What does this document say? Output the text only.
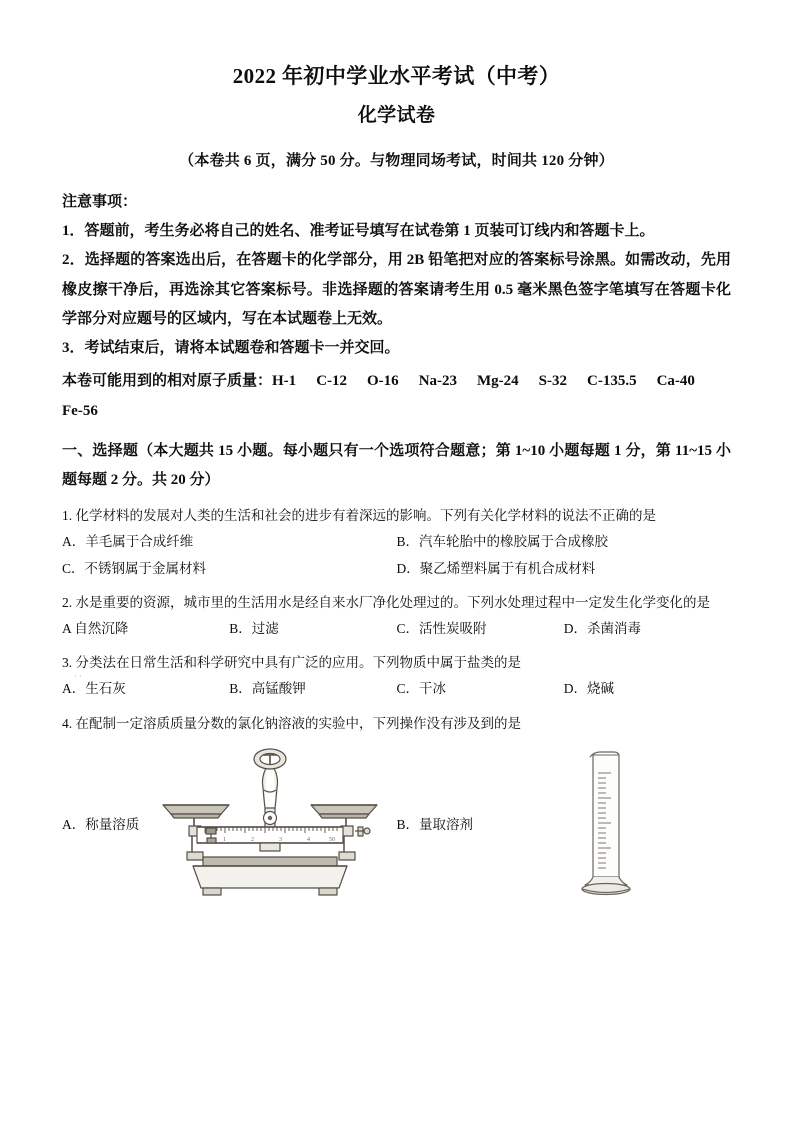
2022 年初中学业水平考试（中考）
化学试卷
（本卷共 6 页，满分 50 分。与物理同场考试，时间共 120 分钟）
注意事项：
1．答题前，考生务必将自己的姓名、准考证号填写在试卷第 1 页装可订线内和答题卡上。
2．选择题的答案选出后，在答题卡的化学部分，用 2B 铅笔把对应的答案标号涂黑。如需改动，先用橡皮擦干净后，再选涂其它答案标号。非选择题的答案请考生用 0.5 毫米黑色签字笔填写在答题卡化学部分对应题号的区域内，写在本试题卷上无效。
3．考试结束后，请将本试题卷和答题卡一并交回。
本卷可能用到的相对原子质量：H-1 C-12 O-16 Na-23 Mg-24 S-32 C-135.5 Ca-40
Fe-56
一、选择题（本大题共 15 小题。每小题只有一个选项符合题意；第 1~10 小题每题 1 分，第 11~15 小题每题 2 分。共 20 分）
1. 化学材料的发展对人类的生活和社会的进步有着深远的影响。下列有关化学材料的说法不正确的是
A．羊毛属于合成纤维	B．汽车轮胎中的橡胶属于合成橡胶
C．不锈钢属于金属材料	D．聚乙烯塑料属于有机合成材料
2. 水是重要的资源，城市里的生活用水是经自来水厂净化处理过的。下列水处理过程中一定发生化学变化的是
A 自然沉降	B．过滤	C．活性炭吸附	D．杀菌消毒
··
3. 分类法在日常生活和科学研究中具有广泛的应用。下列物质中属于盐类的是
A．生石灰	B．高锰酸钾	C．干冰	D．烧碱
4. 在配制一定溶质质量分数的氯化钠溶液的实验中，下列操作没有涉及到的是
A．称量溶质
1	2	3	4	50
B．量取溶剂
